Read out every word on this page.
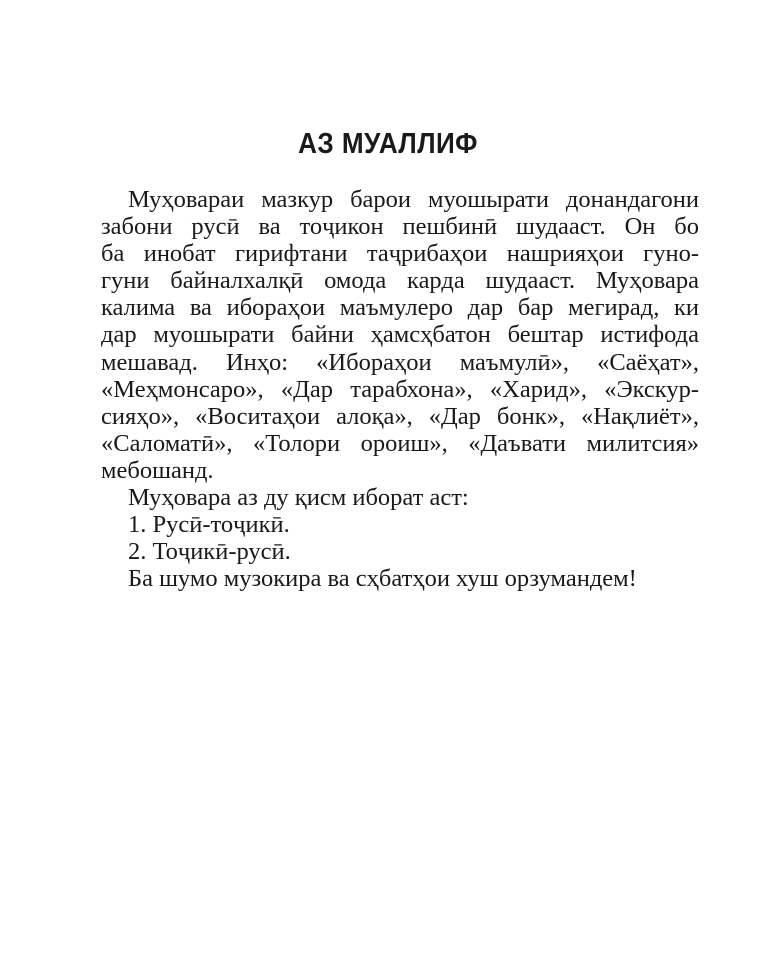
АЗ МУАЛЛИФ
Муҳовараи мазкур барои муошырати донандагони
забони русӣ ва тоҷикон пешбинӣ шудааст. Он бо
ба инобат гирифтани таҷрибаҳои нашрияҳои гуно-
гуни байналхалқӣ омода карда шудааст. Муҳовара
калима ва ибораҳои маъмулеро дар бар мегирад, ки
дар муошырати байни ҳамсҳбатон бештар истифода
мешавад. Инҳо: «Ибораҳои маъмулӣ», «Саёҳат»,
«Меҳмонсаро», «Дар тарабхона», «Харид», «Экскур-
сияҳо», «Воситаҳои алоқа», «Дар бонк», «Нақлиёт»,
«Саломатӣ», «Толори ороиш», «Даъвати милитсия»
мебошанд.
Муҳовара аз ду қисм иборат аст:
1. Русӣ-тоҷикӣ.
2. Тоҷикӣ-русӣ.
Ба шумо музокира ва сҳбатҳои хуш орзумандем!
